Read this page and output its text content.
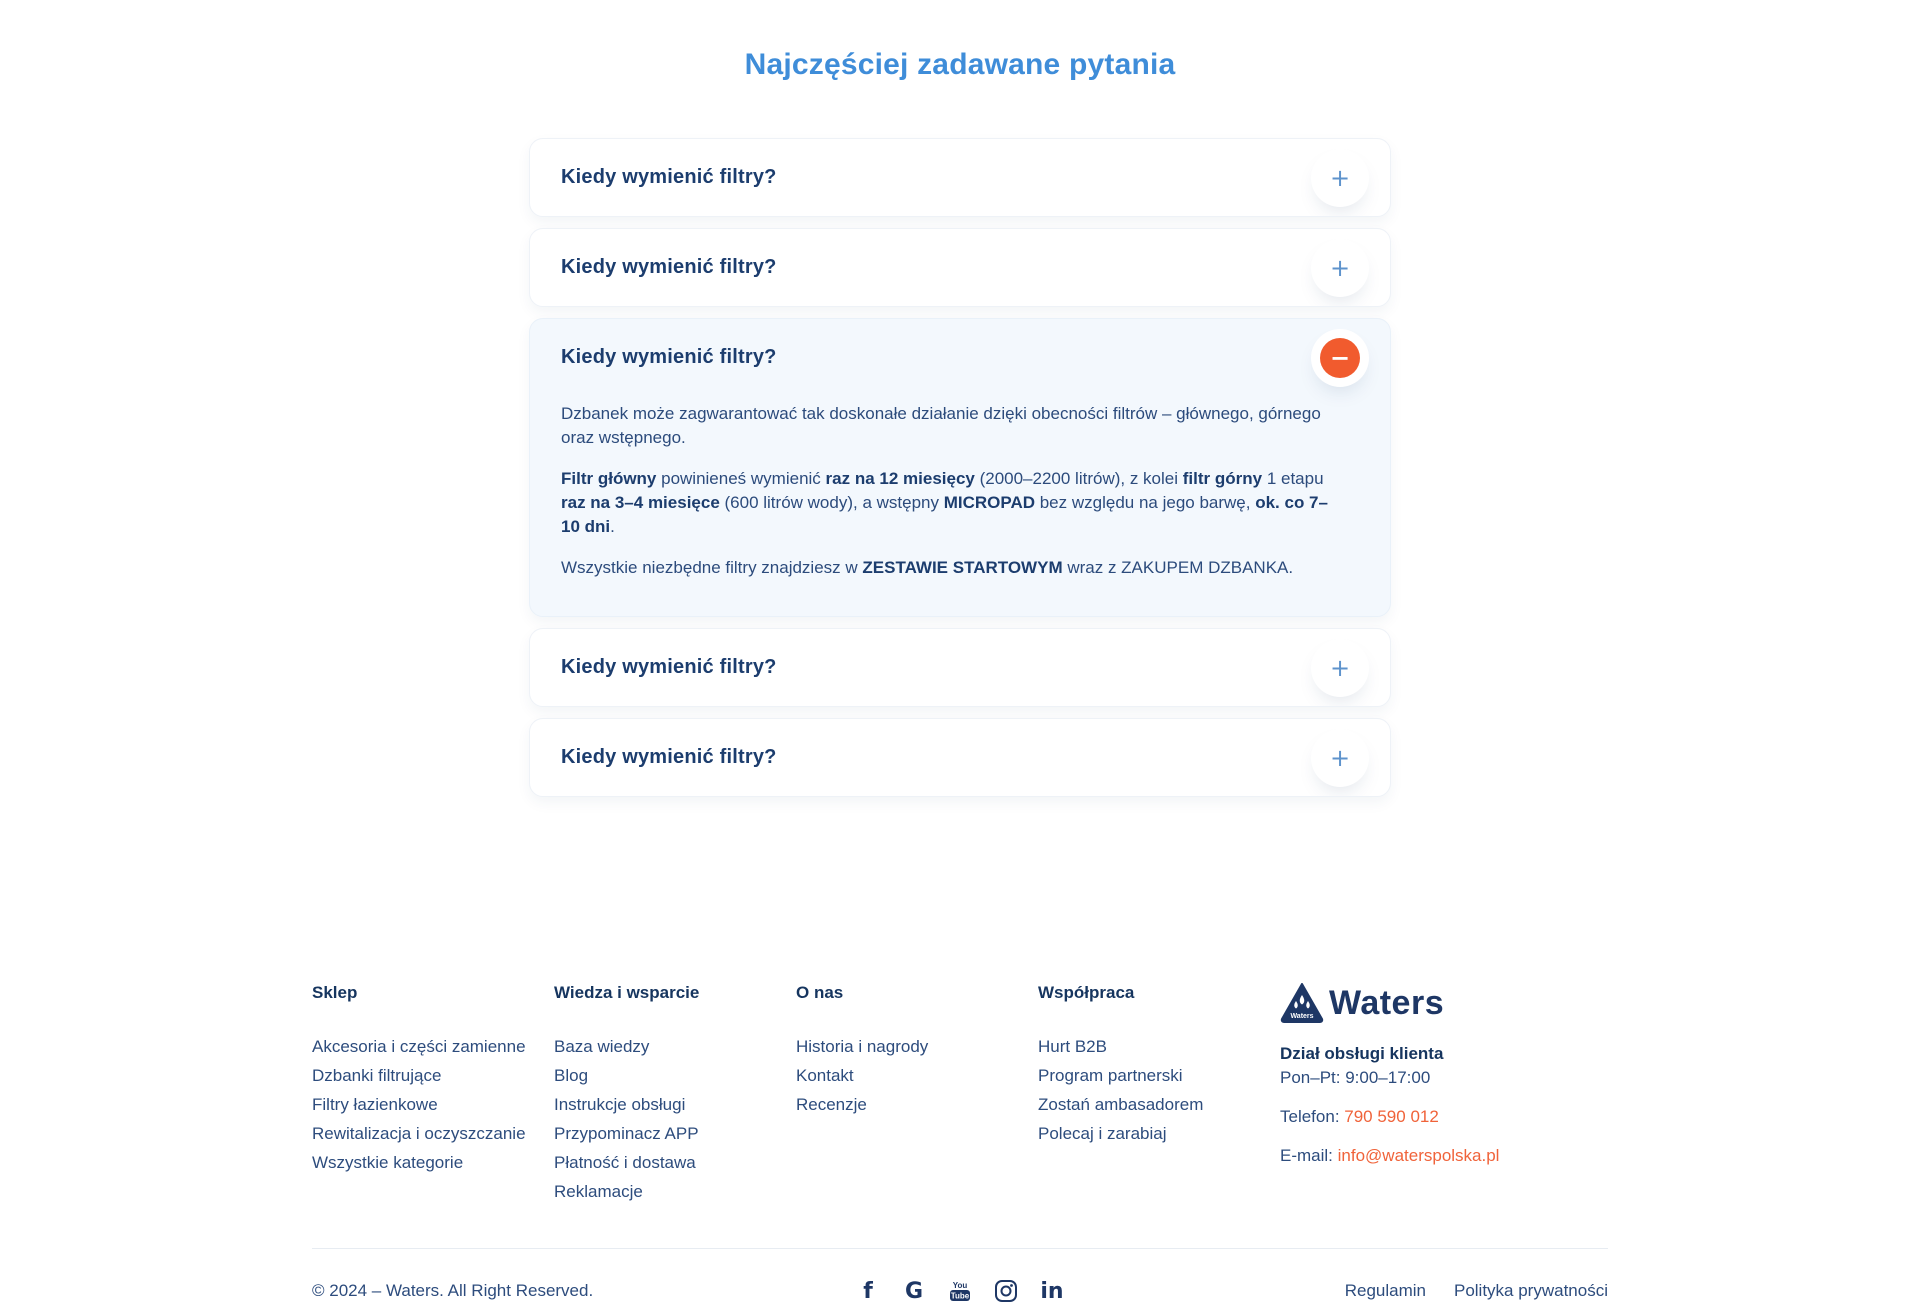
Najczęściej zadawane pytania
Kiedy wymienić filtry?	+
Kiedy wymienić filtry?	+
Kiedy wymienić filtry?	−

Dzbanek może zagwarantować tak doskonałe działanie dzięki obecności filtrów – głównego, górnego oraz wstępnego.

Filtr główny powinieneś wymienić raz na 12 miesięcy (2000–2200 litrów), z kolei filtr górny 1 etapu raz na 3–4 miesięce (600 litrów wody), a wstępny MICROPAD bez względu na jego barwę, ok. co 7–10 dni.

Wszystkie niezbędne filtry znajdziesz w ZESTAWIE STARTOWYM wraz z ZAKUPEM DZBANKA.

Kiedy wymienić filtry?	+
Kiedy wymienić filtry?	+
Sklep
Akcesoria i części zamienne
Dzbanki filtrujące
Filtry łazienkowe
Rewitalizacja i oczyszczanie
Wszystkie kategorie
Wiedza i wsparcie
Baza wiedzy
Blog
Instrukcje obsługi
Przypominacz APP
Płatność i dostawa
Reklamacje
O nas
Historia i nagrody
Kontakt
Recenzje
Współpraca
Hurt B2B
Program partnerski
Zostań ambasadorem
Polecaj i zarabiaj
Waters Waters
Dział obsługi klienta
Pon–Pt: 9:00–17:00
Telefon: 790 590 012
E-mail: info@waterspolska.pl
© 2024 – Waters. All Right Reserved.	f G	You
Tube	in	Regulamin Polityka prywatności
